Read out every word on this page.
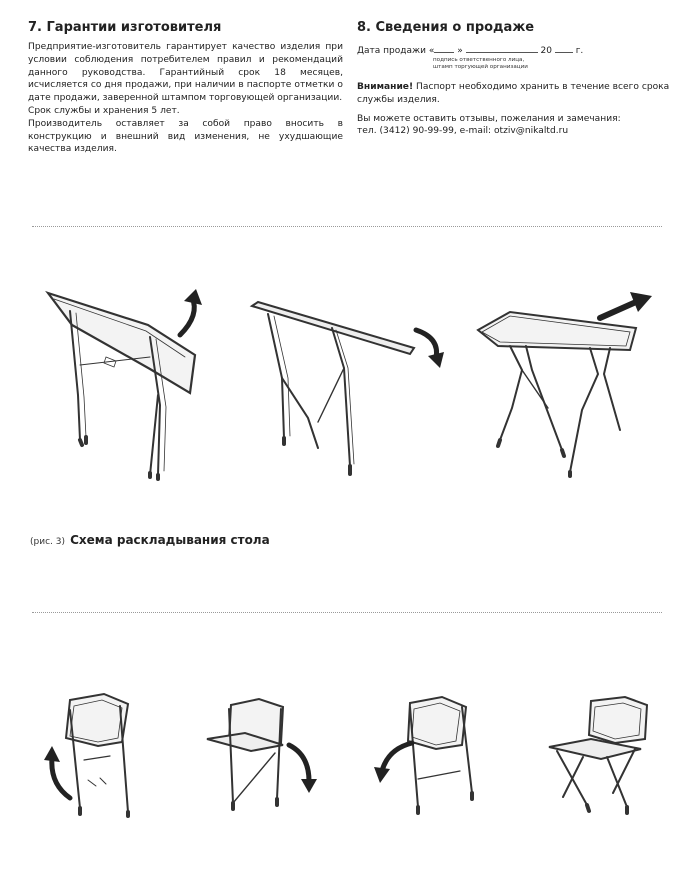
7. Гарантии изготовителя

Предприятие-изготовитель гарантирует качество изделия при условии соблюдения потребителем правил и рекомендаций данного руководства. Гарантийный срок 18 месяцев, исчисляется со дня продажи, при наличии в паспорте отметки о дате продажи, заверенной штампом торговующей организации.

Срок службы и хранения 5 лет.

Производитель оставляет за собой право вносить в конструкцию и внешний вид изменения, не ухудшающие качества изделия.

8. Сведения о продаже
Дата продажи «	»	20	г.
подпись ответственного лица,
штамп торгующей организации
Внимание! Паспорт необходимо хранить в течение всего срока службы изделия.
Вы можете оставить отзывы, пожелания и замечания:
тел. (3412) 90-99-99, e-mail: otziv@nikaltd.ru
(рис. 3) Схема раскладывания стола
